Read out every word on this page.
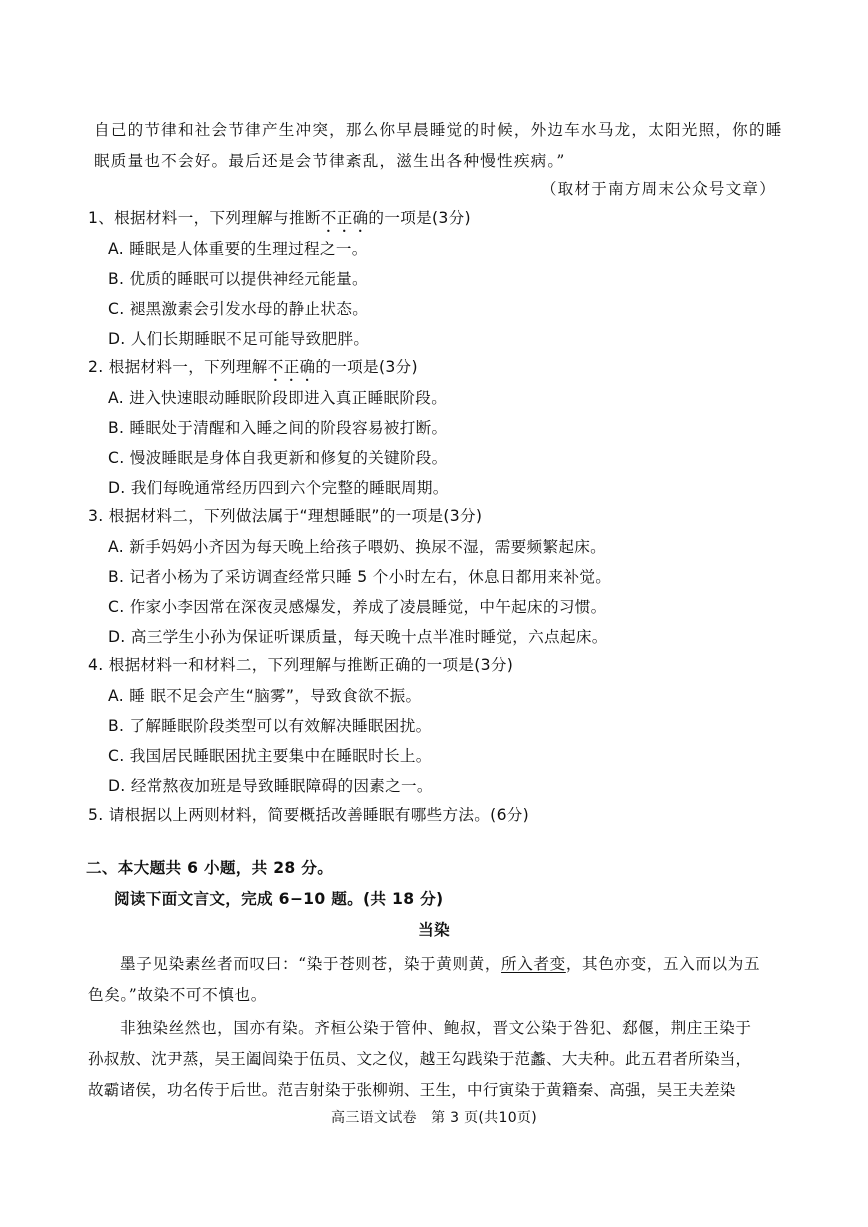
自己的节律和社会节律产生冲突，那么你早晨睡觉的时候，外边车水马龙，太阳光照，你的睡
眠质量也不会好。最后还是会节律紊乱，滋生出各种慢性疾病。”
（取材于南方周末公众号文章）
1、根据材料一，下列理解与推断不正确的一项是(3分)
A. 睡眠是人体重要的生理过程之一。
B. 优质的睡眠可以提供神经元能量。
C. 褪黑激素会引发水母的静止状态。
D. 人们长期睡眠不足可能导致肥胖。
2. 根据材料一，下列理解不正确的一项是(3分)
A. 进入快速眼动睡眠阶段即进入真正睡眠阶段。
B. 睡眠处于清醒和入睡之间的阶段容易被打断。
C. 慢波睡眠是身体自我更新和修复的关键阶段。
D. 我们每晚通常经历四到六个完整的睡眠周期。
3. 根据材料二，下列做法属于“理想睡眠”的一项是(3分)
A. 新手妈妈小齐因为每天晚上给孩子喂奶、换尿不湿，需要频繁起床。
B. 记者小杨为了采访调查经常只睡 5 个小时左右，休息日都用来补觉。
C. 作家小李因常在深夜灵感爆发，养成了凌晨睡觉，中午起床的习惯。
D. 高三学生小孙为保证听课质量，每天晚十点半准时睡觉，六点起床。
4. 根据材料一和材料二，下列理解与推断正确的一项是(3分)
A. 睡 眠不足会产生“脑雾”，导致食欲不振。
B. 了解睡眠阶段类型可以有效解决睡眠困扰。
C. 我国居民睡眠困扰主要集中在睡眠时长上。
D. 经常熬夜加班是导致睡眠障碍的因素之一。
5. 请根据以上两则材料，简要概括改善睡眠有哪些方法。(6分)
二、本大题共 6 小题，共 28 分。
阅读下面文言文，完成 6−10 题。(共 18 分)
当染
墨子见染素丝者而叹曰：“染于苍则苍，染于黄则黄，所入者变，其色亦变，五入而以为五
色矣。”故染不可不慎也。
非独染丝然也，国亦有染。齐桓公染于管仲、鲍叔，晋文公染于咎犯、郄偃，荆庄王染于
孙叔敖、沈尹蒸，吴王阖闾染于伍员、文之仪，越王勾践染于范蠡、大夫种。此五君者所染当，
故霸诸侯，功名传于后世。范吉射染于张柳朔、王生，中行寅染于黄籍秦、高强，吴王夫差染
高三语文试卷　第 3 页(共10页)
